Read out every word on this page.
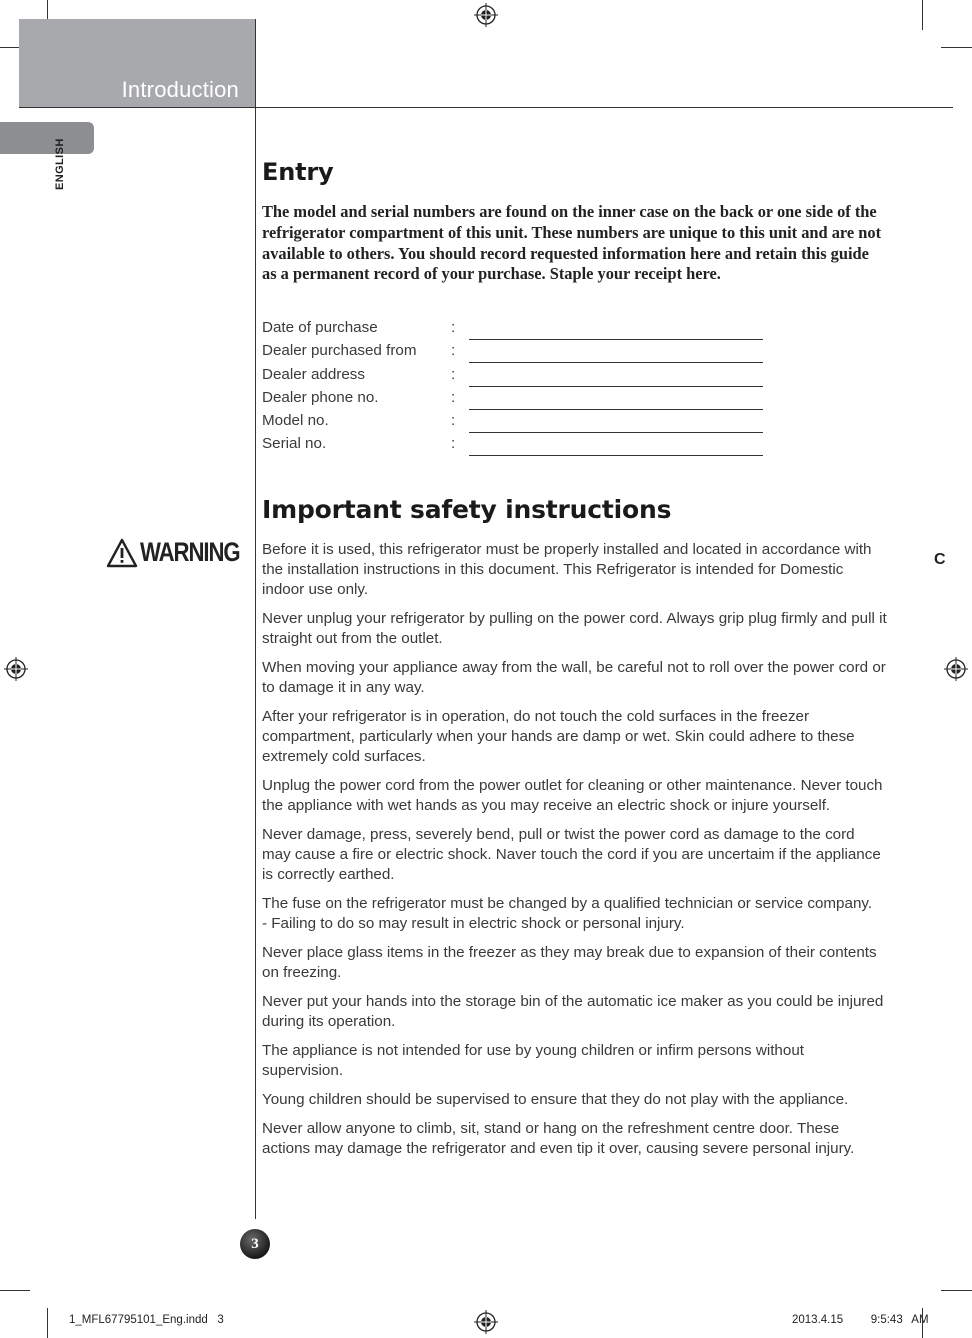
Introduction
ENGLISH	Entry
The model and serial numbers are found on the inner case on the back or one side of the refrigerator compartment of this unit. These numbers are unique to this unit and are not available to others. You should record requested information here and retain this guide as a permanent record of your purchase. Staple your receipt here.
Date of purchase	:
Dealer purchased from :
Dealer address	:
Dealer phone no.	:
Model no.	:
Serial no.	:
Important safety instructions
WARNING Before it is used, this refrigerator must be properly installed and located in accordance with the installation instructions in this document. This Refrigerator is intended for Domestic indoor use only.

Never unplug your refrigerator by pulling on the power cord. Always grip plug firmly and pull it straight out from the outlet.

When moving your appliance away from the wall, be careful not to roll over the power cord or to damage it in any way.

After your refrigerator is in operation, do not touch the cold surfaces in the freezer compartment, particularly when your hands are damp or wet. Skin could adhere to these extremely cold surfaces.

Unplug the power cord from the power outlet for cleaning or other maintenance. Never touch the appliance with wet hands as you may receive an electric shock or injure yourself.

Never damage, press, severely bend, pull or twist the power cord as damage to the cord may cause a fire or electric shock. Naver touch the cord if you are uncertaim if the appliance is correctly earthed.

The fuse on the refrigerator must be changed by a qualified technician or service company.
- Failing to do so may result in electric shock or personal injury.

Never place glass items in the freezer as they may break due to expansion of their contents on freezing.

Never put your hands into the storage bin of the automatic ice maker as you could be injured during its operation.

The appliance is not intended for use by young children or infirm persons without supervision.

Young children should be supervised to ensure that they do not play with the appliance.

Never allow anyone to climb, sit, stand or hang on the refreshment centre door. These actions may damage the refrigerator and even tip it over, causing severe personal injury.

C
3
1_MFL67795101_Eng.indd   3	2013.4.15   9:5:43 AM
